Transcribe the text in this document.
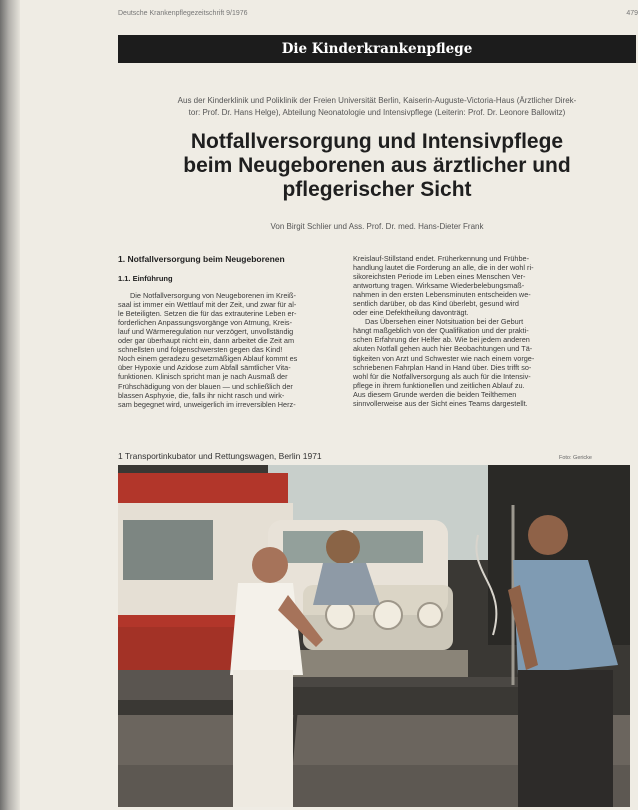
Deutsche Krankenpflegezeitschrift 9/1976	479
Die Kinderkrankenpflege
Aus der Kinderklinik und Poliklinik der Freien Universität Berlin, Kaiserin-Auguste-Victoria-Haus (Ärztlicher Direk-
tor: Prof. Dr. Hans Helge), Abteilung Neonatologie und Intensivpflege (Leiterin: Prof. Dr. Leonore Ballowitz)
Notfallversorgung und Intensivpflege
beim Neugeborenen aus ärztlicher und
pflegerischer Sicht
Von Birgit Schlier und Ass. Prof. Dr. med. Hans-Dieter Frank
1. Notfallversorgung beim Neugeborenen
1.1. Einführung

Die Notfallversorgung von Neugeborenen im Kreiß-

saal ist immer ein Wettlauf mit der Zeit, und zwar für al-

le Beteiligten. Setzen die für das extrauterine Leben er-

forderlichen Anpassungsvorgänge von Atmung, Kreis-

lauf und Wärmeregulation nur verzögert, unvollständig

oder gar überhaupt nicht ein, dann arbeitet die Zeit am

schnellsten und folgenschwersten gegen das Kind!

Noch einem geradezu gesetzmäßigen Ablauf kommt es

über Hypoxie und Azidose zum Abfall sämtlicher Vita-

funktionen. Klinisch spricht man je nach Ausmaß der

Frühschädigung von der blauen — und schließlich der

blassen Asphyxie, die, falls ihr nicht rasch und wirk-

sam begegnet wird, unweigerlich im irreversiblen Herz-

Kreislauf-Stillstand endet. Früherkennung und Frühbe-

handlung lautet die Forderung an alle, die in der wohl ri-

sikoreichsten Periode im Leben eines Menschen Ver-

antwortung tragen. Wirksame Wiederbelebungsmaß-

nahmen in den ersten Lebensminuten entscheiden we-

sentlich darüber, ob das Kind überlebt, gesund wird

oder eine Defektheilung davonträgt.

Das Übersehen einer Notsituation bei der Geburt

hängt maßgeblich von der Qualifikation und der prakti-

schen Erfahrung der Helfer ab. Wie bei jedem anderen

akuten Notfall gehen auch hier Beobachtungen und Tä-

tigkeiten von Arzt und Schwester wie nach einem vorge-

schriebenen Fahrplan Hand in Hand über. Dies trifft so-

wohl für die Notfallversorgung als auch für die Intensiv-

pflege in ihrem funktionellen und zeitlichen Ablauf zu.

Aus diesem Grunde werden die beiden Teilthemen

sinnvollerweise aus der Sicht eines Teams dargestellt.

1 Transportinkubator und Rettungswagen, Berlin 1971	Foto: Gericke
